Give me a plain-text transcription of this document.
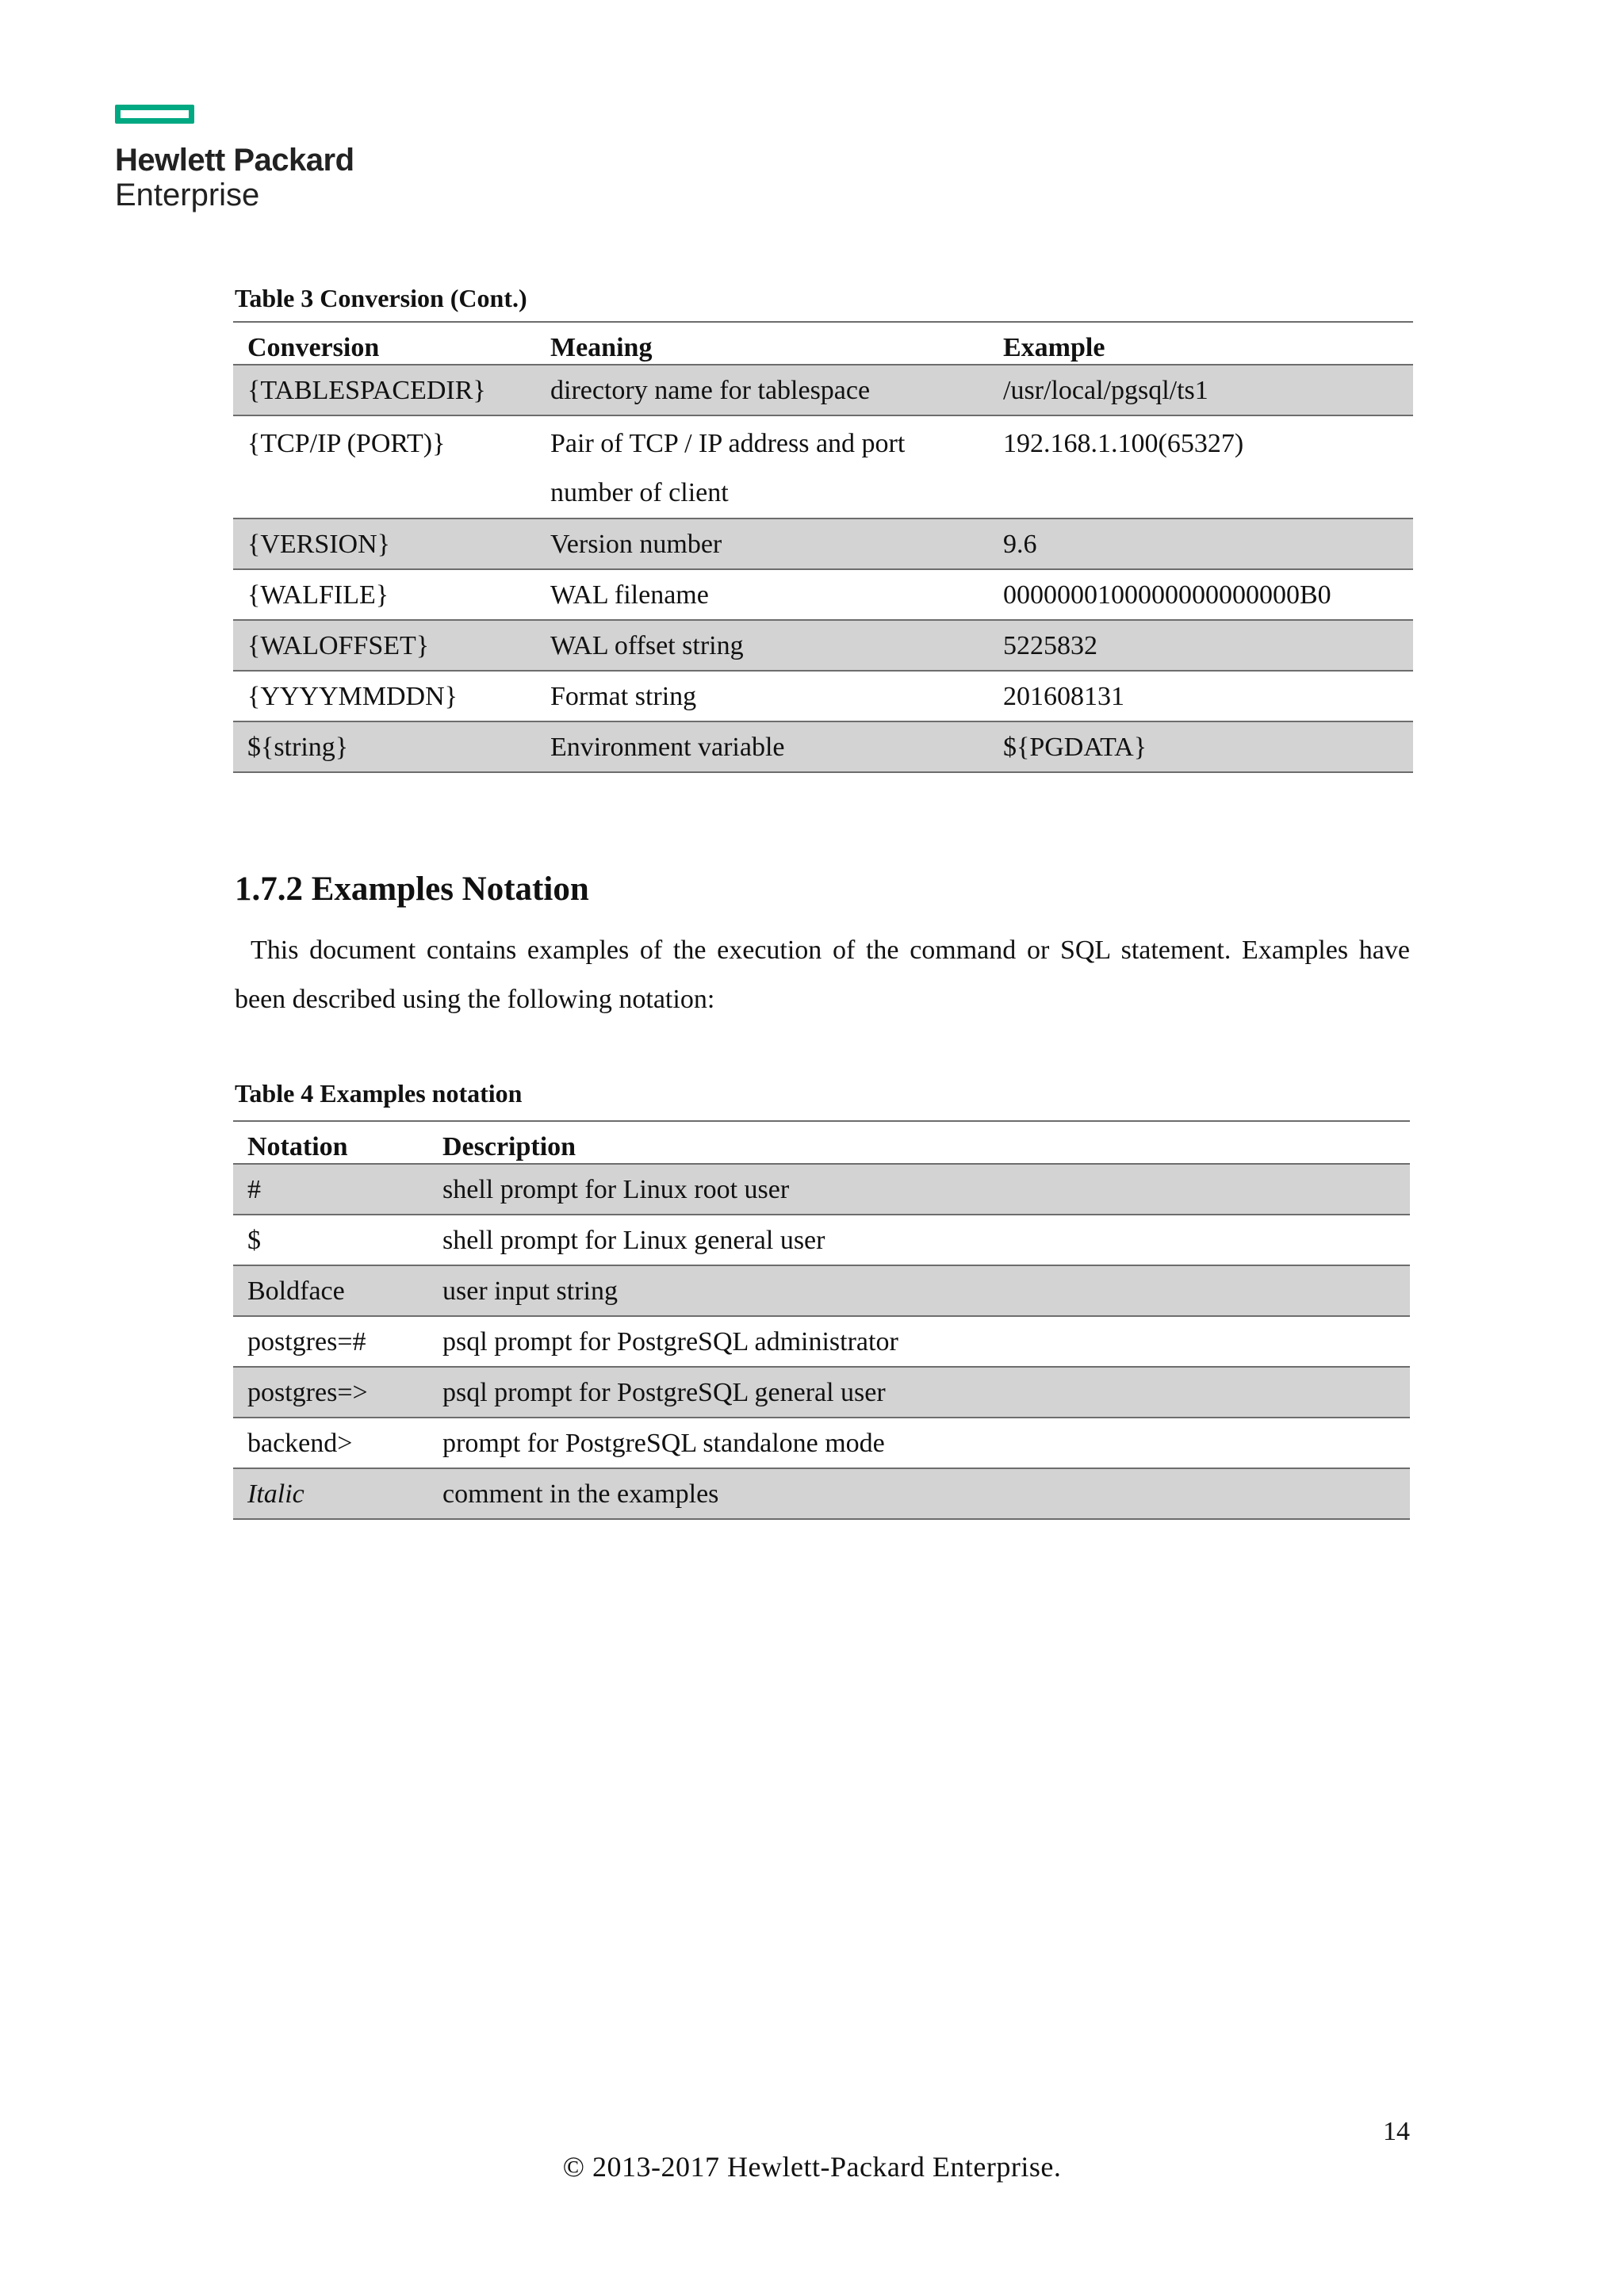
Hewlett Packard
Enterprise
Table 3 Conversion (Cont.)
Conversion	Meaning	Example
{TABLESPACEDIR}	directory name for tablespace	/usr/local/pgsql/ts1
{TCP/IP (PORT)}	Pair of TCP / IP address and port number of client	192.168.1.100(65327)
{VERSION}	Version number	9.6
{WALFILE}	WAL filename	0000000100000000000000B0
{WALOFFSET}	WAL offset string	5225832
{YYYYMMDDN}	Format string	201608131
${string}	Environment variable	${PGDATA}
1.7.2 Examples Notation
This document contains examples of the execution of the command or SQL statement. Examples have been described using the following notation:
Table 4 Examples notation
Notation	Description
#	shell prompt for Linux root user
$	shell prompt for Linux general user
Boldface	user input string
postgres=#	psql prompt for PostgreSQL administrator
postgres=>	psql prompt for PostgreSQL general user
backend>	prompt for PostgreSQL standalone mode
Italic	comment in the examples
14
© 2013-2017 Hewlett-Packard Enterprise.
